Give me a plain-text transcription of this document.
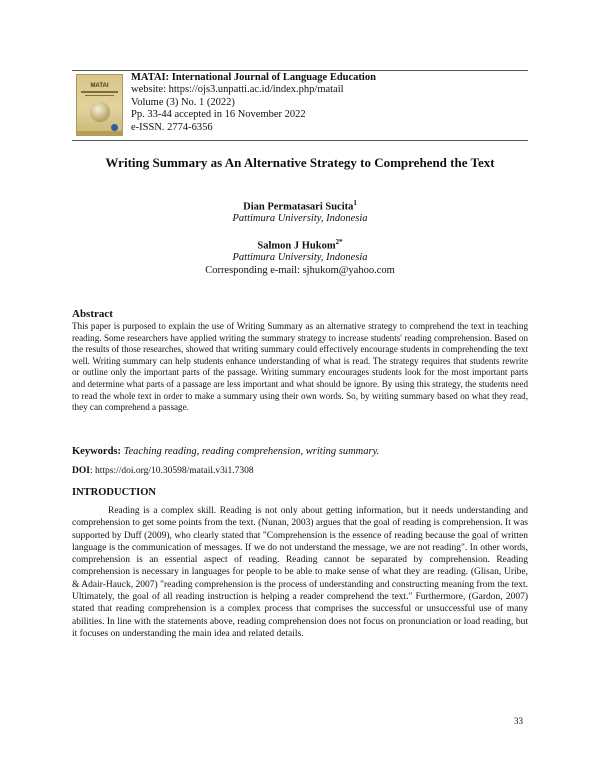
MATAI
MATAI: International Journal of Language Education
website: https://ojs3.unpatti.ac.id/index.php/matail
Volume (3) No. 1 (2022)
Pp. 33-44 accepted in 16 November 2022
e-ISSN. 2774-6356
Writing Summary as An Alternative Strategy to Comprehend the Text
Dian Permatasari Sucita$^1$
Pattimura University, Indonesia
Salmon J Hukom$^{2*}$
Pattimura University, Indonesia
Corresponding e-mail: sjhukom@yahoo.com
Abstract
This paper is purposed to explain the use of Writing Summary as an alternative strategy to comprehend the text in teaching reading. Some researchers have applied writing the summary strategy to increase students' reading comprehension. Based on the results of those researches, showed that writing summary could effectively encourage students in comprehending the text well. Writing summary can help students enhance understanding of what is read. The strategy requires that students rewrite or outline only the important parts of the passage. Writing summary encourages students look for the most important parts and determine what parts of a passage are less important and what should be ignore. By using this strategy, the students need to read the whole text in order to make a summary using their own words. So, by writing summary based on what they read, they can comprehend a passage.
Keywords: Teaching reading, reading comprehension, writing summary.
DOI: https://doi.org/10.30598/matail.v3i1.7308
INTRODUCTION
Reading is a complex skill. Reading is not only about getting information, but it needs understanding and comprehension to get some points from the text. (Nunan, 2003) argues that the goal of reading is comprehension. It was supported by Duff (2009), who clearly stated that "Comprehension is the essence of reading because the goal of written language is the communication of messages. If we do not understand the message, we are not reading". In other words, comprehension is an essential aspect of reading. Reading cannot be separated by comprehension. Reading comprehension is necessary in languages for people to be able to make sense of what they are reading. (Glisan, Uribe, & Adair-Hauck, 2007) "reading comprehension is the process of understanding and constructing meaning from the text. Ultimately, the goal of all reading instruction is helping a reader comprehend the text." Furthermore, (Gardon, 2007) stated that reading comprehension is a complex process that comprises the successful or unsuccessful use of many abilities. In line with the statements above, reading comprehension does not focus on pronunciation or load reading, but it focuses on understanding the main idea and related details.
33
